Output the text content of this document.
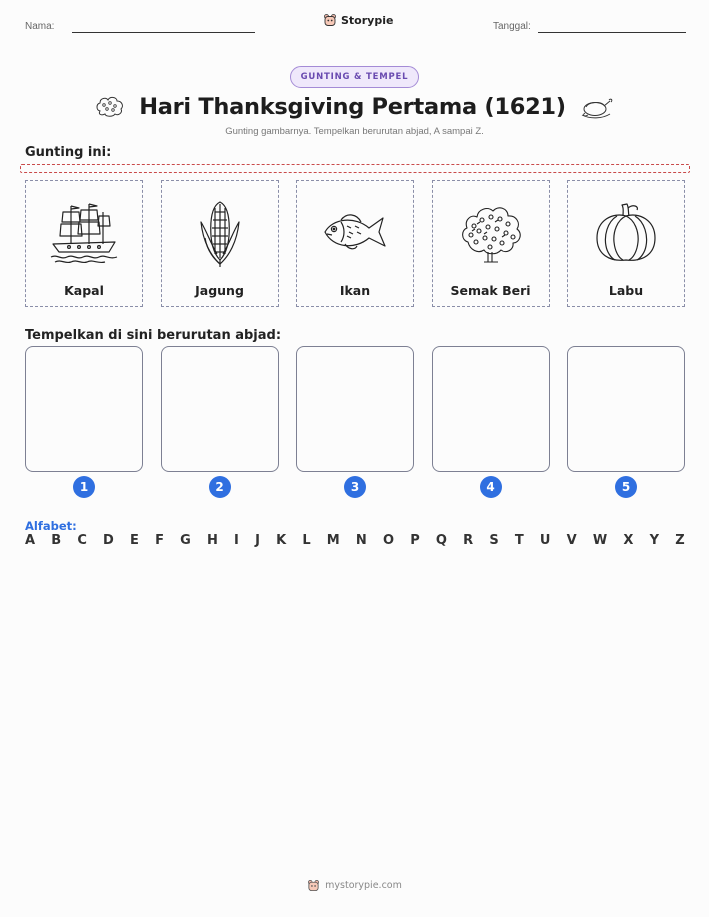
Nama:	Storypie	Tanggal:
GUNTING & TEMPEL
Hari Thanksgiving Pertama (1621)
Gunting gambarnya. Tempelkan berurutan abjad, A sampai Z.
Gunting ini:
Kapal	Jagung	Ikan	Semak Beri	Labu
Tempelkan di sini berurutan abjad:
1	2	3	4	5
Alfabet:
A B C D E F G H I J K L M N O P Q R S T U V W X Y Z
mystorypie.com
